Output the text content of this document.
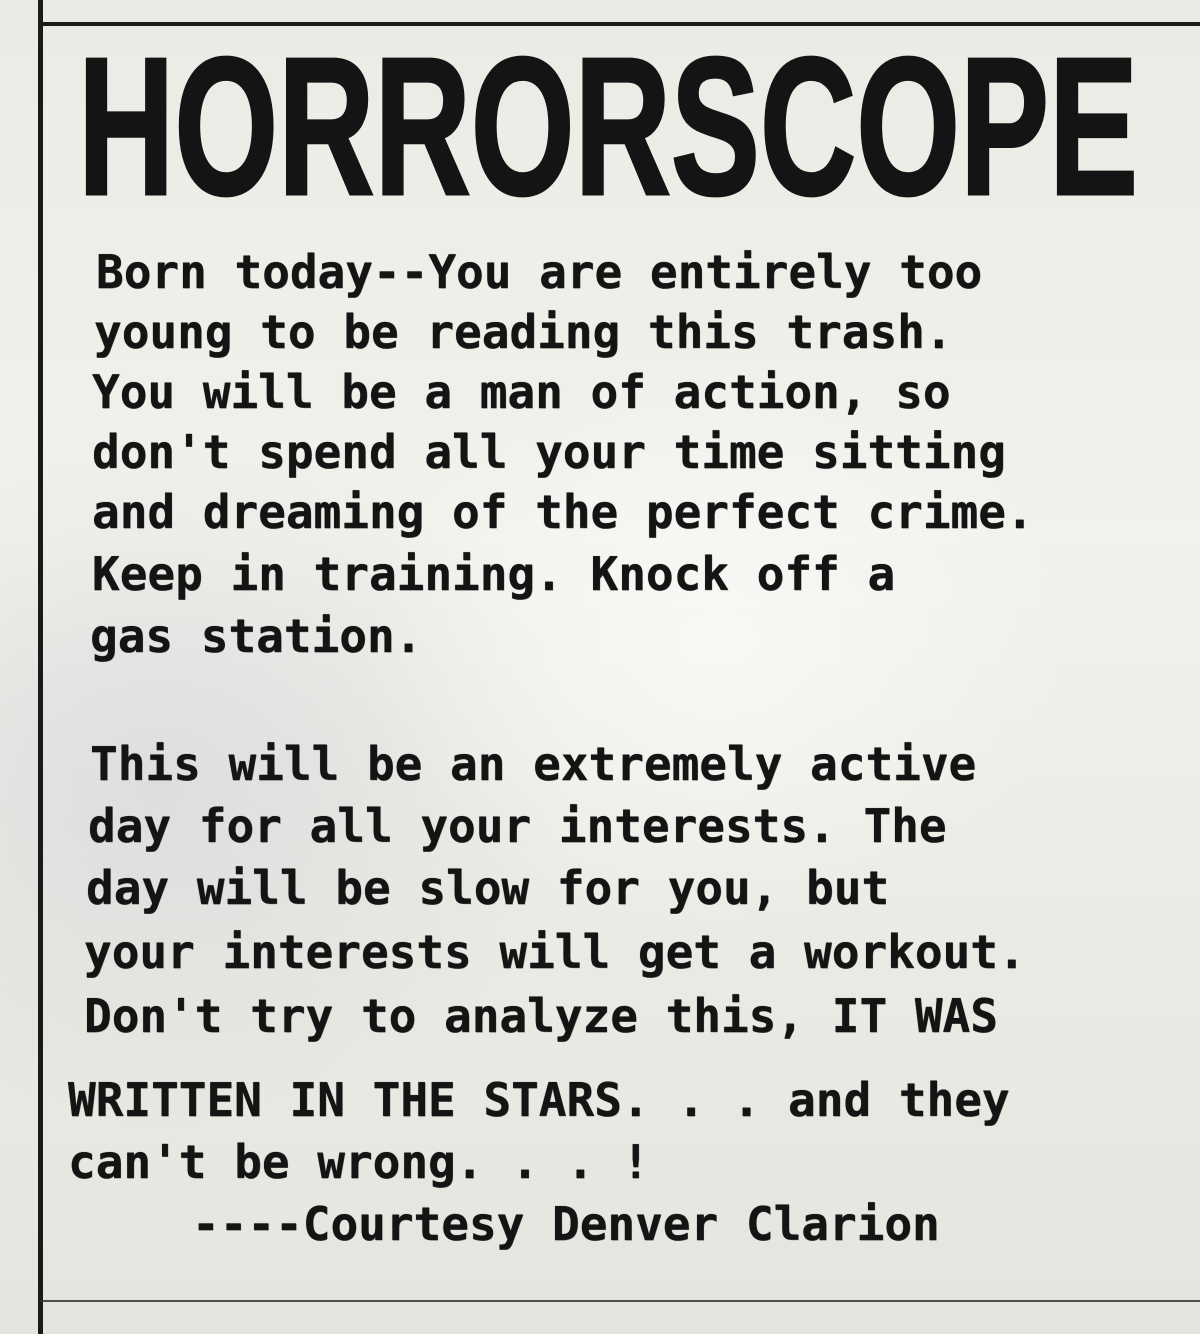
HORRORSCOPE
Born today--You are entirely too
young to be reading this trash.
You will be a man of action, so
don't spend all your time sitting
and dreaming of the perfect crime.
Keep in training. Knock off a
gas station.
This will be an extremely active
day for all your interests. The
day will be slow for you, but
your interests will get a workout.
Don't try to analyze this, IT WAS
WRITTEN IN THE STARS. . . and they
can't be wrong. . . !
----Courtesy Denver Clarion
